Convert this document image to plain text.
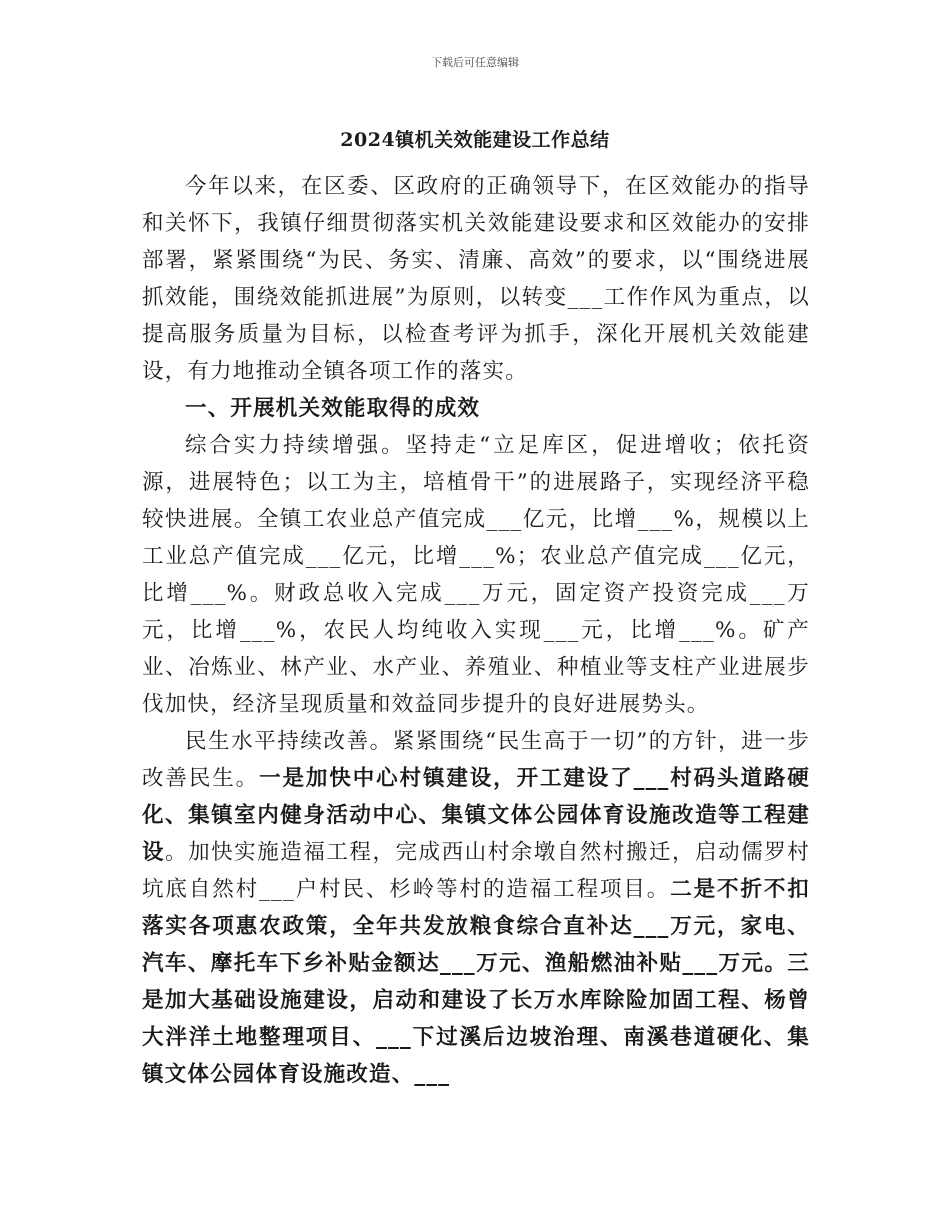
下载后可任意编辑
2024镇机关效能建设工作总结

今年以来，在区委、区政府的正确领导下，在区效能办的指导和关怀下，我镇仔细贯彻落实机关效能建设要求和区效能办的安排部署，紧紧围绕“为民、务实、清廉、高效”的要求，以“围绕进展抓效能，围绕效能抓进展”为原则，以转变___工作作风为重点，以提高服务质量为目标，以检查考评为抓手，深化开展机关效能建设，有力地推动全镇各项工作的落实。

一、开展机关效能取得的成效

综合实力持续增强。坚持走“立足库区，促进增收；依托资源，进展特色；以工为主，培植骨干”的进展路子，实现经济平稳较快进展。全镇工农业总产值完成___亿元，比增___%，规模以上工业总产值完成___亿元，比增___%；农业总产值完成___亿元，比增___%。财政总收入完成___万元，固定资产投资完成___万元，比增___%，农民人均纯收入实现___元，比增___%。矿产业、冶炼业、林产业、水产业、养殖业、种植业等支柱产业进展步伐加快，经济呈现质量和效益同步提升的良好进展势头。

民生水平持续改善。紧紧围绕“民生高于一切”的方针，进一步改善民生。一是加快中心村镇建设，开工建设了___村码头道路硬化、集镇室内健身活动中心、集镇文体公园体育设施改造等工程建设。加快实施造福工程，完成西山村余墩自然村搬迁，启动儒罗村坑底自然村___户村民、杉岭等村的造福工程项目。二是不折不扣落实各项惠农政策，全年共发放粮食综合直补达___万元，家电、汽车、摩托车下乡补贴金额达___万元、渔船燃油补贴___万元。三是加大基础设施建设，启动和建设了长万水库除险加固工程、杨曾大泮洋土地整理项目、___下过溪后边坡治理、南溪巷道硬化、集镇文体公园体育设施改造、___
